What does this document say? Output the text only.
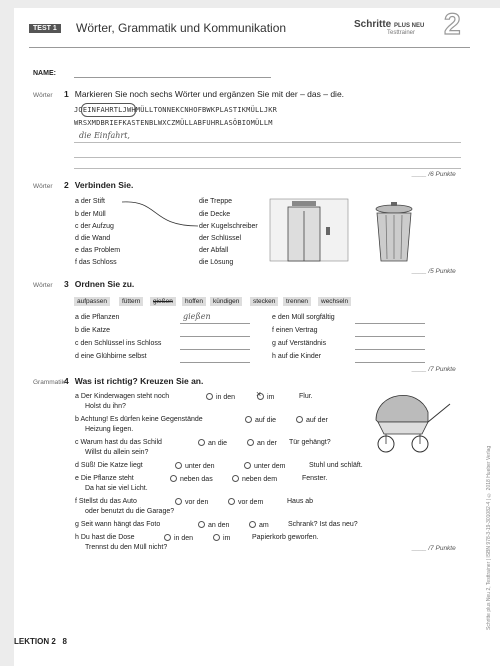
TEST 1	Wörter, Grammatik und Kommunikation	Schritte PLUS NEU
Testtrainer 2
NAME:
Wörter 1 Markieren Sie noch sechs Wörter und ergänzen Sie mit der – das – die.
JOEINFAHRTLJWHMÜLLTONNEKCNHOFBWKPLASTIKMÜLLJKR
WRSXMDBRIEFKASTENBLWXCZMÜLLABFUHRLASÖBIOMÜLLM
die Einfahrt,
____ /6 Punkte
Wörter 2 Verbinden Sie.
a der Stift
b der Müll
c der Aufzug
d die Wand
e das Problem
f das Schloss
die Treppe
die Decke
der Kugelschreiber
der Schlüssel
der Abfall
die Lösung
____ /5 Punkte
Wörter 3 Ordnen Sie zu.
aufpassen	füttern	gießen	hoffen	kündigen	stecken	trennen	wechseln
a die Pflanzen
b die Katze
c den Schlüssel ins Schloss
d eine Glühbirne selbst
gießen	e den Müll sorgfältig
f einen Vertrag
g auf Verständnis
h auf die Kinder
____ /7 Punkte
Grammatik 4 Was ist richtig? Kreuzen Sie an.
a Der Kinderwagen steht noch	in den
×	im	Flur.
Holst du ihn?
b Achtung! Es dürfen keine Gegenstände	auf die	auf der
Heizung liegen.
c Warum hast du das Schild	an die	an der Tür gehängt?
Willst du allein sein?
d Süß! Die Katze liegt	unter den	unter dem	Stuhl und schläft.
e Die Pflanze steht	neben das	neben dem	Fenster.
Da hat sie viel Licht.
f Stellst du das Auto	vor den	vor dem	Haus ab
oder benutzt du die Garage?
g Seit wann hängt das Foto	an den	am	Schrank? Ist das neu?
h Du hast die Dose	in den	im	Papierkorb geworfen.
Trennst du den Müll nicht?	____ /7 Punkte
LEKTION 2 8
Schritte plus Neu 2, Testtrainer | ISBN 978-3-19-301082-4 | © 2018 Hueber Verlag
